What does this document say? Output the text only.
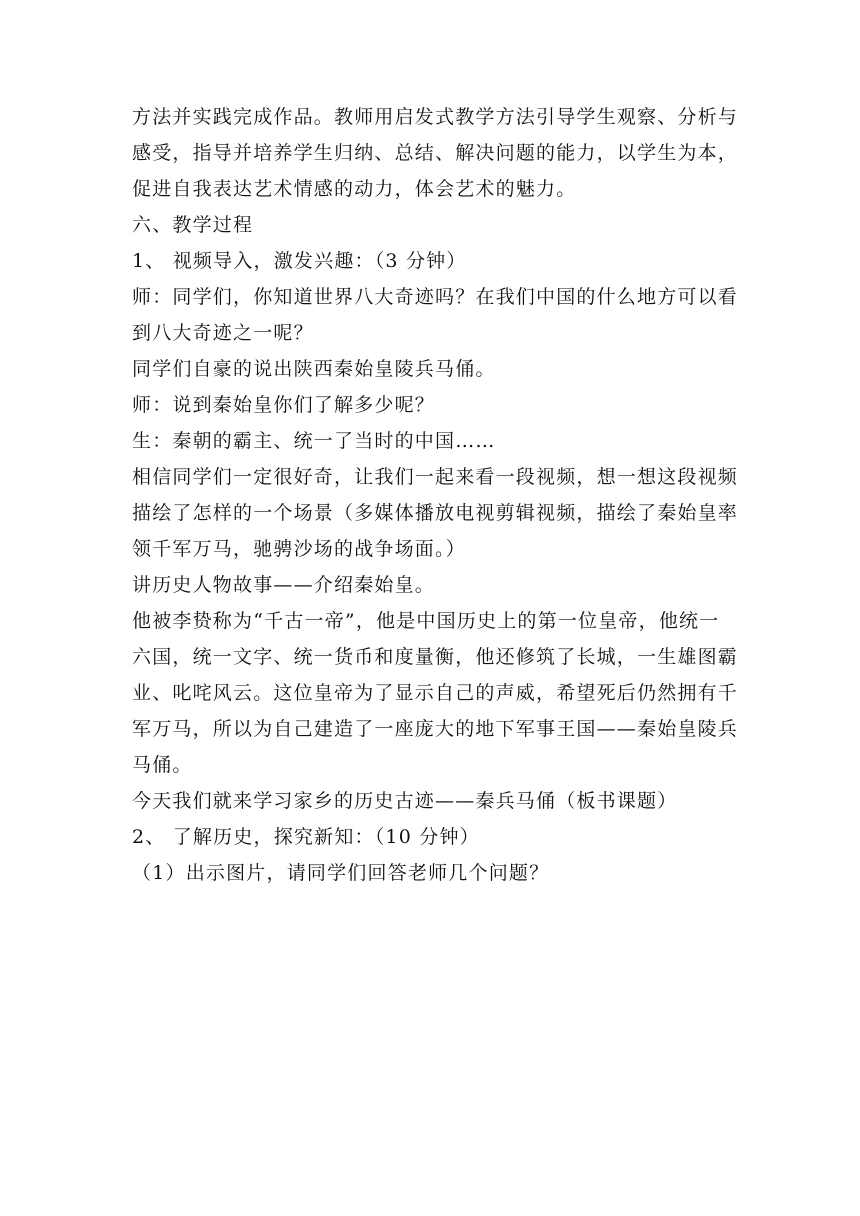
方法并实践完成作品。教师用启发式教学方法引导学生观察、分析与

感受，指导并培养学生归纳、总结、解决问题的能力，以学生为本，

促进自我表达艺术情感的动力，体会艺术的魅力。

六、教学过程

1、 视频导入，激发兴趣：（3 分钟）

师：同学们，你知道世界八大奇迹吗？在我们中国的什么地方可以看

到八大奇迹之一呢？

同学们自豪的说出陕西秦始皇陵兵马俑。

师：说到秦始皇你们了解多少呢？

生：秦朝的霸主、统一了当时的中国……

相信同学们一定很好奇，让我们一起来看一段视频，想一想这段视频

描绘了怎样的一个场景（多媒体播放电视剪辑视频，描绘了秦始皇率

领千军万马，驰骋沙场的战争场面。）

讲历史人物故事——介绍秦始皇。

他被李贽称为“千古一帝”，他是中国历史上的第一位皇帝，他统一

六国，统一文字、统一货币和度量衡，他还修筑了长城，一生雄图霸

业、叱咤风云。这位皇帝为了显示自己的声威，希望死后仍然拥有千

军万马，所以为自己建造了一座庞大的地下军事王国——秦始皇陵兵

马俑。

今天我们就来学习家乡的历史古迹——秦兵马俑（板书课题）

2、 了解历史，探究新知：（10 分钟）

（1）出示图片，请同学们回答老师几个问题？
